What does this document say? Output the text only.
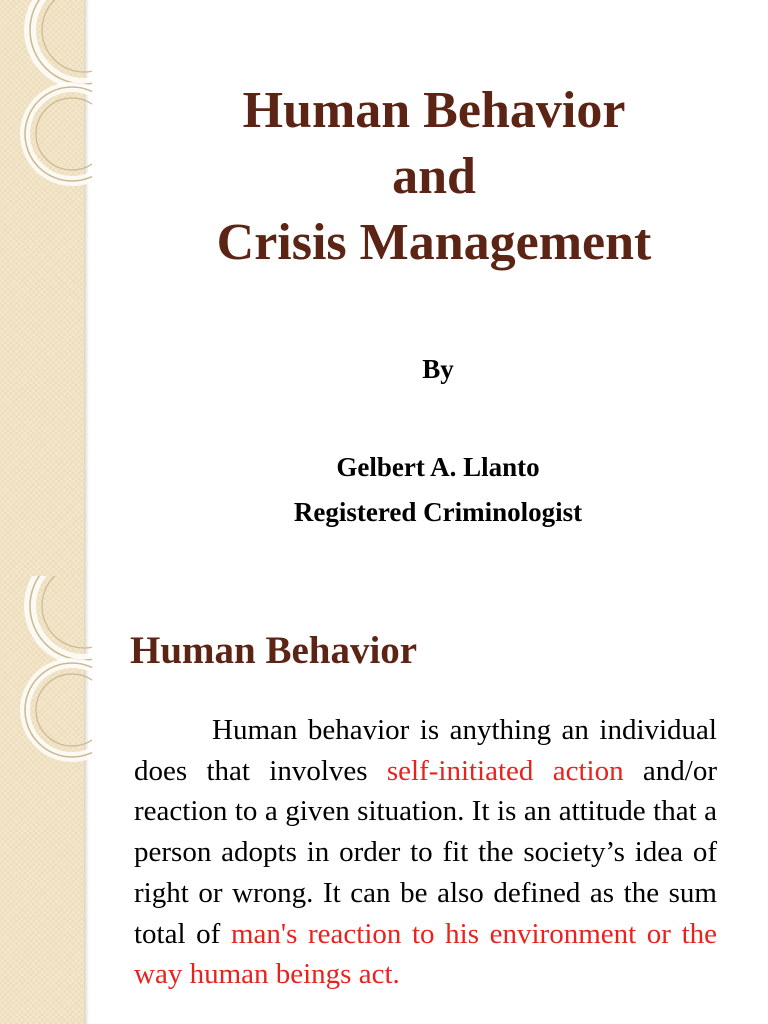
Human Behavior
and
Crisis Management
By
Gelbert A. Llanto
Registered Criminologist
Human Behavior

Human behavior is anything an individual does that involves self-initiated action and/or reaction to a given situation. It is an attitude that a person adopts in order to fit the society’s idea of right or wrong. It can be also defined as the sum total of man's reaction to his environment or the way human beings act.
